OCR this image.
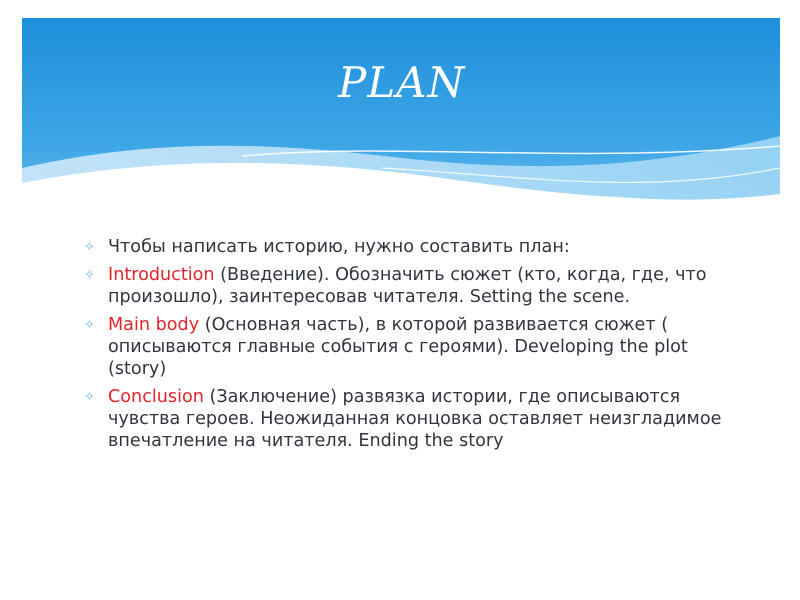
PLAN
✧ Чтобы написать историю, нужно составить план:
✧ Introduction (Введение). Обозначить сюжет (кто, когда, где, что произошло), заинтересовав читателя. Setting the scene.
✧ Main body (Основная часть), в которой развивается сюжет ( описываются главные события с героями). Developing the plot (story)
✧ Conclusion (Заключение) развязка истории, где описываются чувства героев. Неожиданная концовка оставляет неизгладимое впечатление на читателя. Ending the story
